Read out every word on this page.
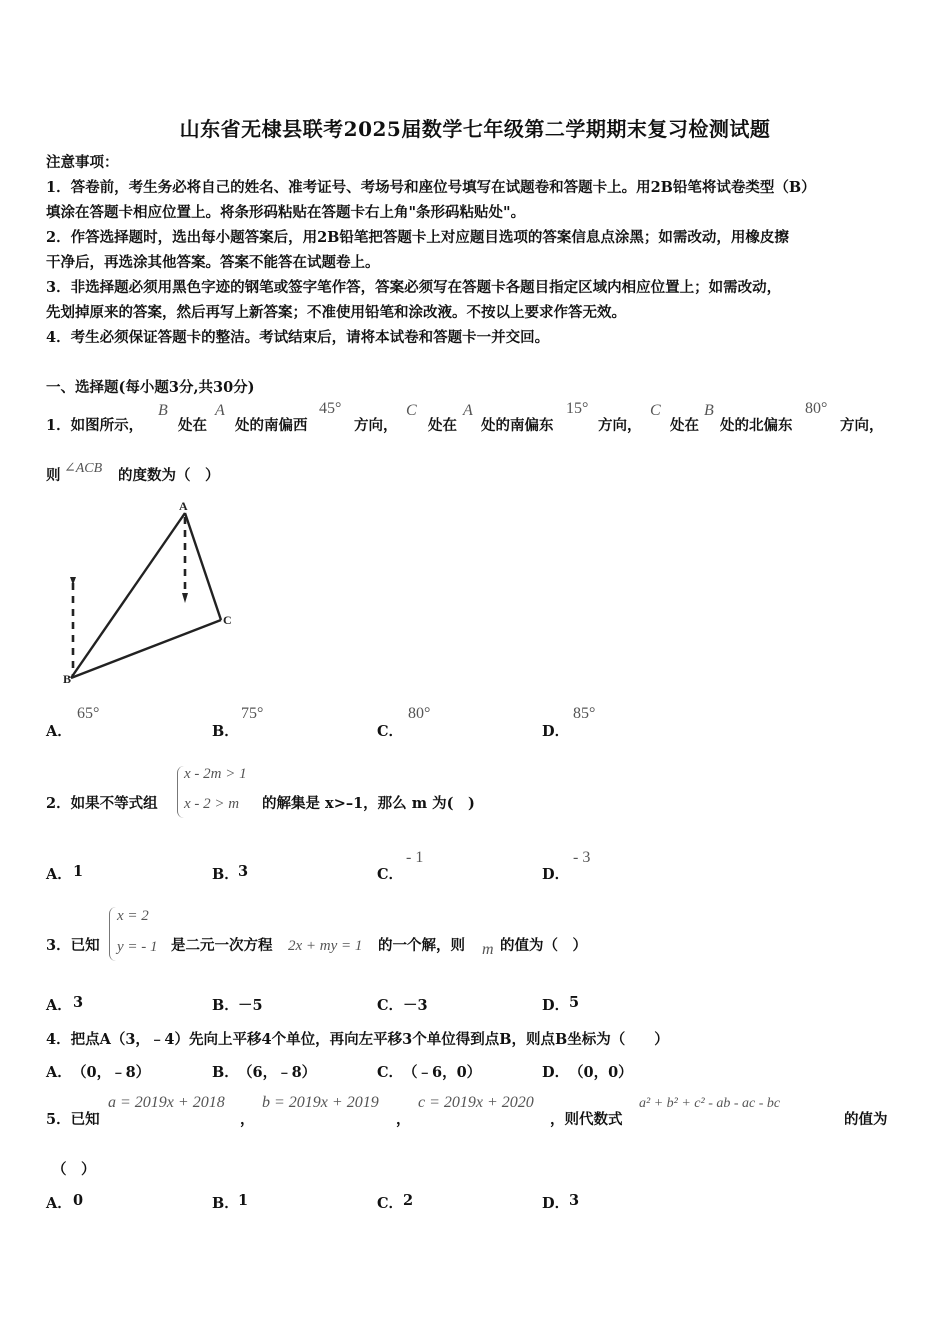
山东省无棣县联考2025届数学七年级第二学期期末复习检测试题
注意事项：
1．答卷前，考生务必将自己的姓名、准考证号、考场号和座位号填写在试题卷和答题卡上。用2B铅笔将试卷类型（B）
填涂在答题卡相应位置上。将条形码粘贴在答题卡右上角"条形码粘贴处"。
2．作答选择题时，选出每小题答案后，用2B铅笔把答题卡上对应题目选项的答案信息点涂黑；如需改动，用橡皮擦
干净后，再选涂其他答案。答案不能答在试题卷上。
3．非选择题必须用黑色字迹的钢笔或签字笔作答，答案必须写在答题卡各题目指定区域内相应位置上；如需改动，
先划掉原来的答案，然后再写上新答案；不准使用铅笔和涂改液。不按以上要求作答无效。
4．考生必须保证答题卡的整洁。考试结束后，请将本试卷和答题卡一并交回。
一、选择题(每小题3分,共30分)
1．如图所示，
B
处在
A
处的南偏西
45°
方向，
C
处在
A
处的南偏东
15°
方向，
C
处在
B
处的北偏东
80°
方向，
则 ∠ACB 的度数为（　）
A
B
C
A．
65°
B．
75°
C．
80°
D．
85°
2．如果不等式组
x - 2m > 1
x - 2 > m 的解集是 x>–1，那么 m 为(　)
A． 1	B． 3	C．
- 1
D．
- 3
3．已知
x = 2
y = - 1 是二元一次方程 2x + my = 1 的一个解，则 m 的值为（　）
A． 3	B． －5	C． －3	D． 5
4．把点A（3，﹣4）先向上平移4个单位，再向左平移3个单位得到点B，则点B坐标为（　　）
A． （0，﹣8）	B． （6，﹣8）	C． （﹣6，0）	D． （0，0）
5．已知
a = 2019x + 2018
，
b = 2019x + 2019
，
c = 2019x + 2020
，则代数式
a² + b² + c² - ab - ac - bc
的值为
（　）
A． 0	B． 1	C． 2	D． 3
